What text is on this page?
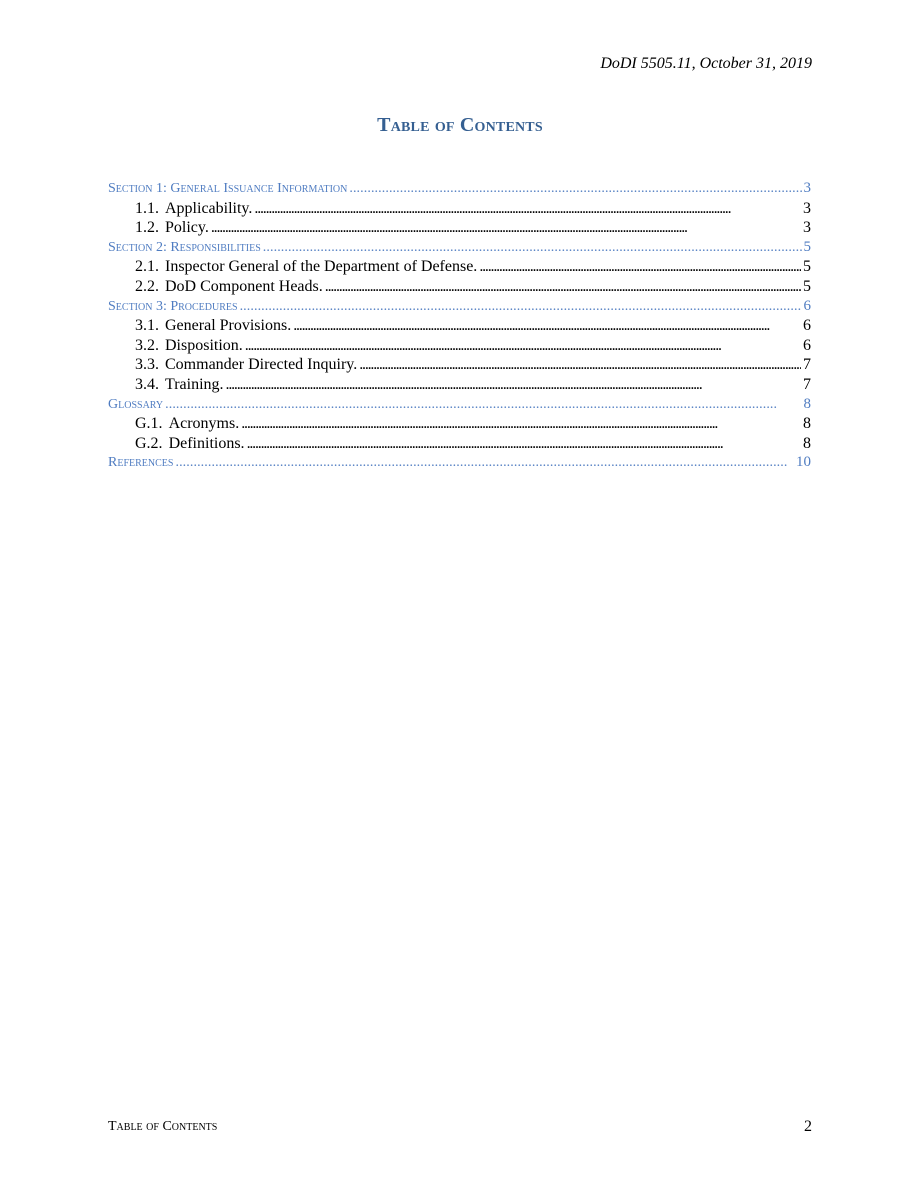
DoDI 5505.11, October 31, 2019
Table of Contents
Section 1: General Issuance Information . . .	3
1.1. Applicability. . . .	3
1.2. Policy. . . .	3
Section 2: Responsibilities . . .	5
2.1. Inspector General of the Department of Defense. . . .	5
2.2. DoD Component Heads. . . .	5
Section 3: Procedures . . .	6
3.1. General Provisions. . . .	6
3.2. Disposition. . . .	6
3.3. Commander Directed Inquiry. . . .	7
3.4. Training. . . .	7
Glossary . . .	8
G.1. Acronyms. . . .	8
G.2. Definitions. . . .	8
References . . .	10
Table of Contents	2
